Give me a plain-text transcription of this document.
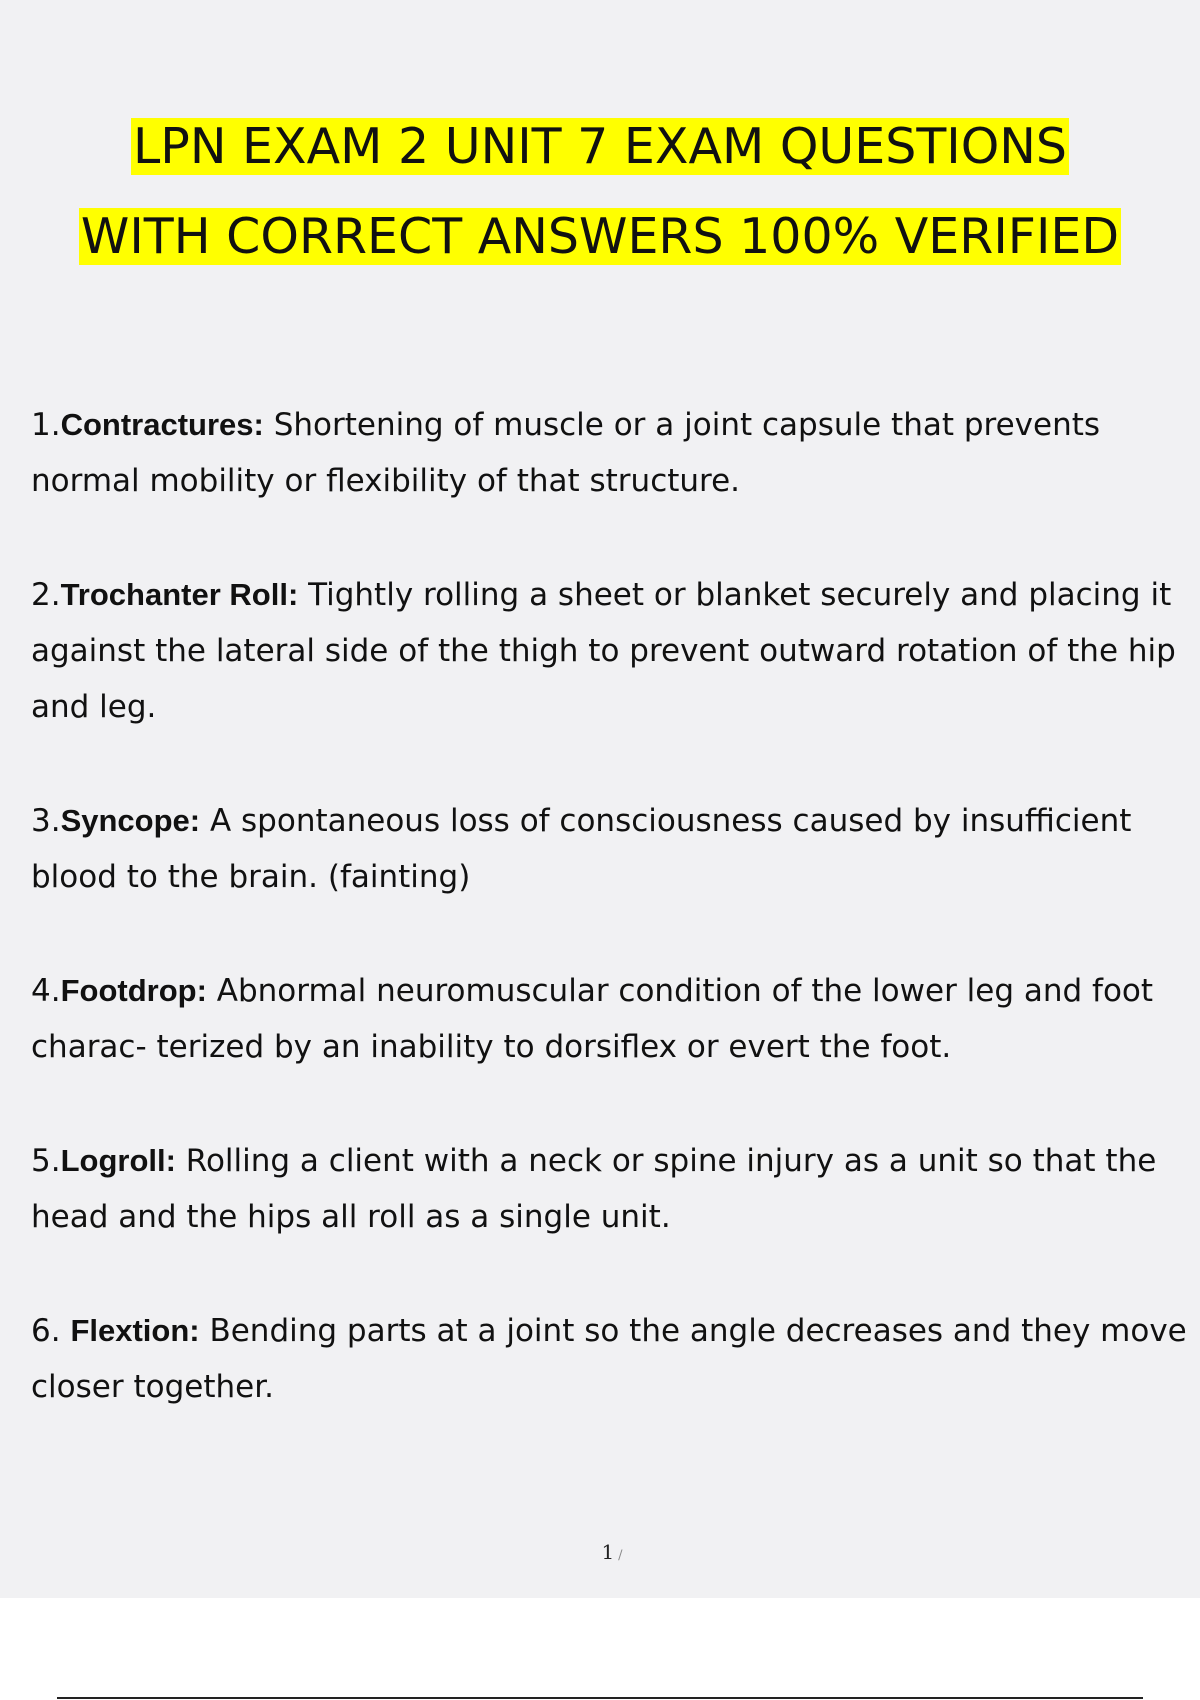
LPN EXAM 2 UNIT 7 EXAM QUESTIONS
WITH CORRECT ANSWERS 100% VERIFIED
1.Contractures: Shortening of muscle or a joint capsule that prevents normal mobility or flexibility of that structure.
2.Trochanter Roll: Tightly rolling a sheet or blanket securely and placing it against the lateral side of the thigh to prevent outward rotation of the hip and leg.
3.Syncope: A spontaneous loss of consciousness caused by insufficient blood to the brain. (fainting)
4.Footdrop: Abnormal neuromuscular condition of the lower leg and foot charac- terized by an inability to dorsiflex or evert the foot.
5.Logroll: Rolling a client with a neck or spine injury as a unit so that the head and the hips all roll as a single unit.
6. Flextion: Bending parts at a joint so the angle decreases and they move closer together.
1 /
